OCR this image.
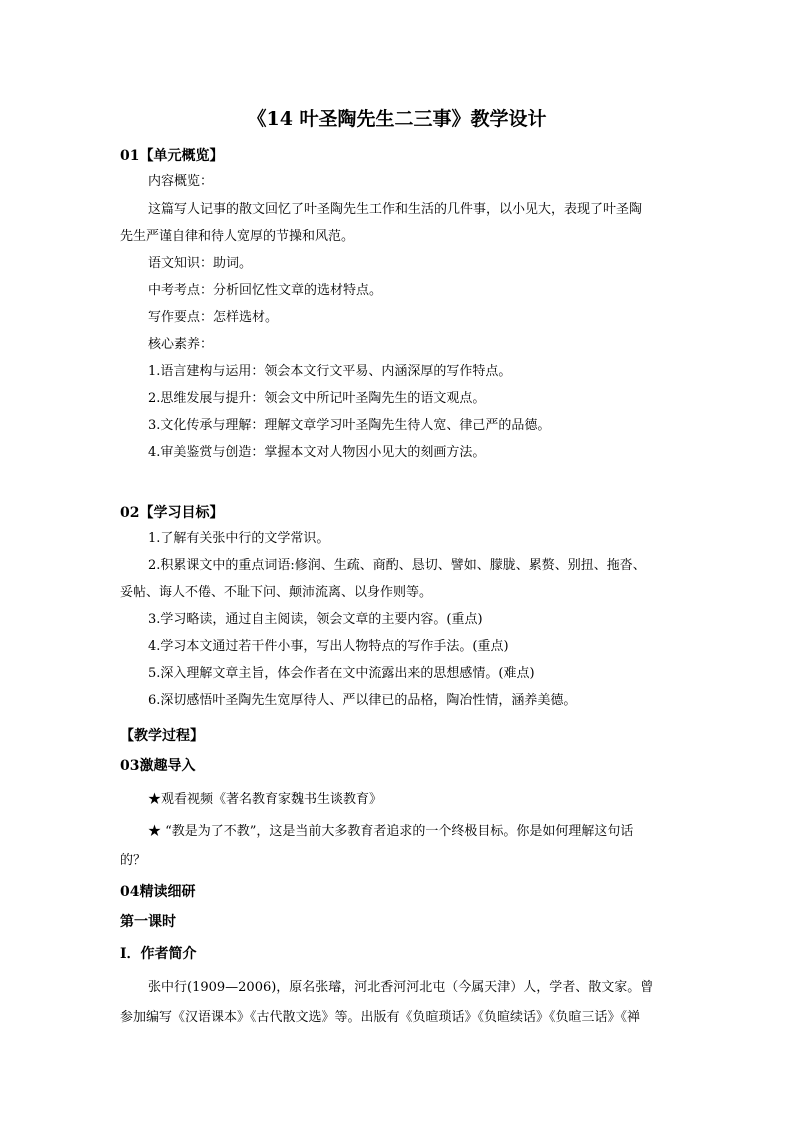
《14 叶圣陶先生二三事》教学设计
01【单元概览】
内容概览：
这篇写人记事的散文回忆了叶圣陶先生工作和生活的几件事，以小见大，表现了叶圣陶
先生严谨自律和待人宽厚的节操和风范。
语文知识：助词。
中考考点：分析回忆性文章的选材特点。
写作要点：怎样选材。
核心素养：
1.语言建构与运用：领会本文行文平易、内涵深厚的写作特点。
2.思维发展与提升：领会文中所记叶圣陶先生的语文观点。
3.文化传承与理解：理解文章学习叶圣陶先生待人宽、律己严的品德。
4.审美鉴赏与创造：掌握本文对人物因小见大的刻画方法。
02【学习目标】
1.了解有关张中行的文学常识。
2.积累课文中的重点词语:修润、生疏、商酌、恳切、譬如、朦胧、累赘、别扭、拖沓、
妥帖、诲人不倦、不耻下问、颠沛流离、以身作则等。
3.学习略读，通过自主阅读，领会文章的主要内容。(重点)
4.学习本文通过若干件小事，写出人物特点的写作手法。(重点)
5.深入理解文章主旨，体会作者在文中流露出来的思想感情。(难点)
6.深切感悟叶圣陶先生宽厚待人、严以律已的品格，陶冶性情，涵养美德。
【教学过程】
03激趣导入
★观看视频《著名教育家魏书生谈教育》
★ “教是为了不教”，这是当前大多教育者追求的一个终极目标。你是如何理解这句话
的？
04精读细研
第一课时
Ⅰ．作者简介
张中行(1909—2006)，原名张璿，河北香河河北屯（今属天津）人，学者、散文家。曾
参加编写《汉语课本》《古代散文选》等。出版有《负暄琐话》《负暄续话》《负暄三话》《禅
